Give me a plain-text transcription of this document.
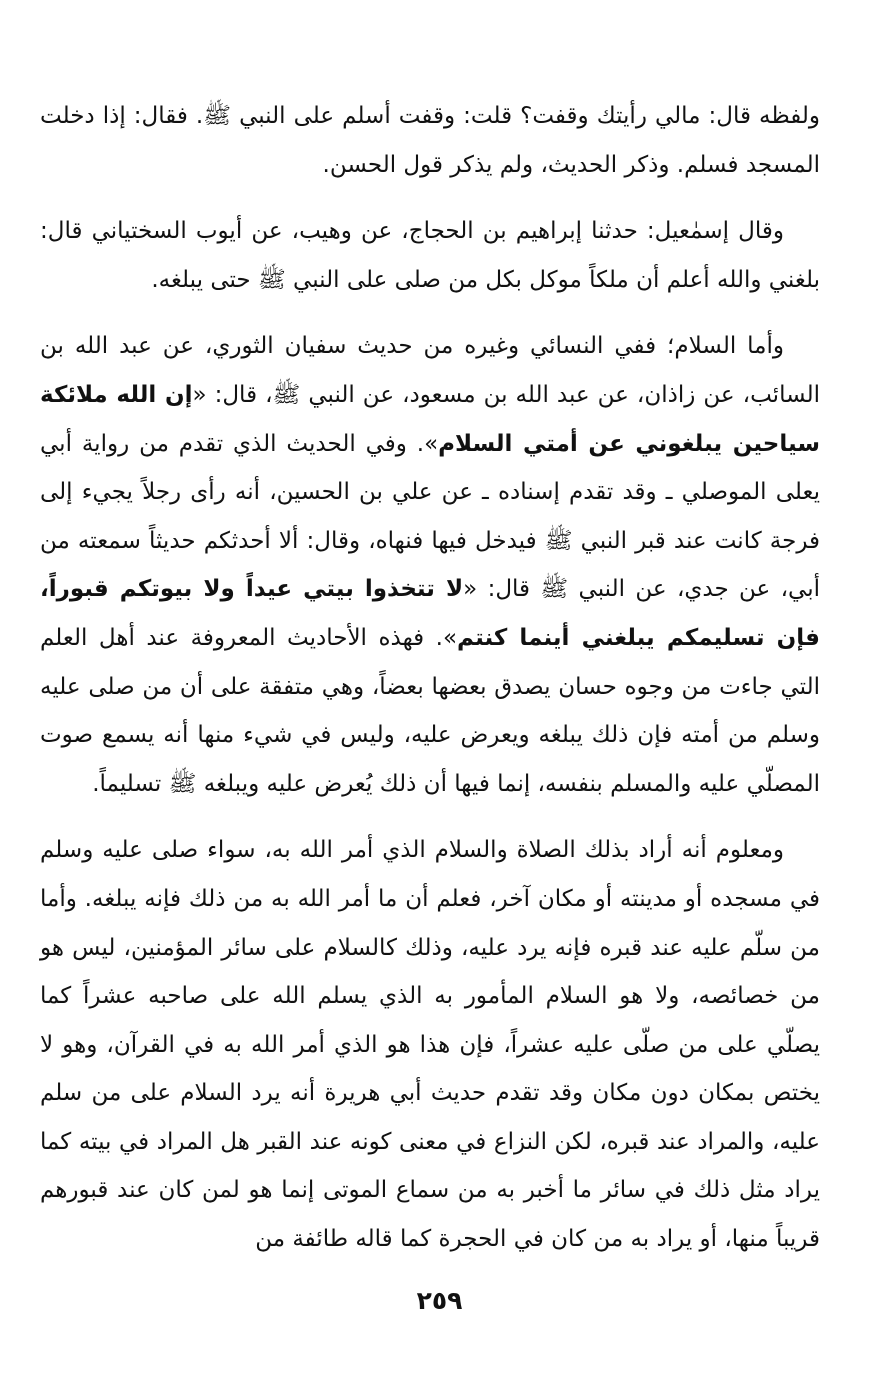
ولفظه قال: مالي رأيتك وقفت؟ قلت: وقفت أسلم على النبي ﷺ. فقال: إذا دخلت المسجد فسلم. وذكر الحديث، ولم يذكر قول الحسن.

وقال إسمٰعيل: حدثنا إبراهيم بن الحجاج، عن وهيب، عن أيوب السختياني قال: بلغني والله أعلم أن ملكاً موكل بكل من صلى على النبي ﷺ حتى يبلغه.

وأما السلام؛ ففي النسائي وغيره من حديث سفيان الثوري، عن عبد الله بن السائب، عن زاذان، عن عبد الله بن مسعود، عن النبي ﷺ، قال: «إن الله ملائكة سياحين يبلغوني عن أمتي السلام». وفي الحديث الذي تقدم من رواية أبي يعلى الموصلي ـ وقد تقدم إسناده ـ عن علي بن الحسين، أنه رأى رجلاً يجيء إلى فرجة كانت عند قبر النبي ﷺ فيدخل فيها فنهاه، وقال: ألا أحدثكم حديثاً سمعته من أبي، عن جدي، عن النبي ﷺ قال: «لا تتخذوا بيتي عيداً ولا بيوتكم قبوراً، فإن تسليمكم يبلغني أينما كنتم». فهذه الأحاديث المعروفة عند أهل العلم التي جاءت من وجوه حسان يصدق بعضها بعضاً، وهي متفقة على أن من صلى عليه وسلم من أمته فإن ذلك يبلغه ويعرض عليه، وليس في شيء منها أنه يسمع صوت المصلّي عليه والمسلم بنفسه، إنما فيها أن ذلك يُعرض عليه ويبلغه ﷺ تسليماً.

ومعلوم أنه أراد بذلك الصلاة والسلام الذي أمر الله به، سواء صلى عليه وسلم في مسجده أو مدينته أو مكان آخر، فعلم أن ما أمر الله به من ذلك فإنه يبلغه. وأما من سلّم عليه عند قبره فإنه يرد عليه، وذلك كالسلام على سائر المؤمنين، ليس هو من خصائصه، ولا هو السلام المأمور به الذي يسلم الله على صاحبه عشراً كما يصلّي على من صلّى عليه عشراً، فإن هذا هو الذي أمر الله به في القرآن، وهو لا يختص بمكان دون مكان وقد تقدم حديث أبي هريرة أنه يرد السلام على من سلم عليه، والمراد عند قبره، لكن النزاع في معنى كونه عند القبر هل المراد في بيته كما يراد مثل ذلك في سائر ما أخبر به من سماع الموتى إنما هو لمن كان عند قبورهم قريباً منها، أو يراد به من كان في الحجرة كما قاله طائفة من

٢٥٩
